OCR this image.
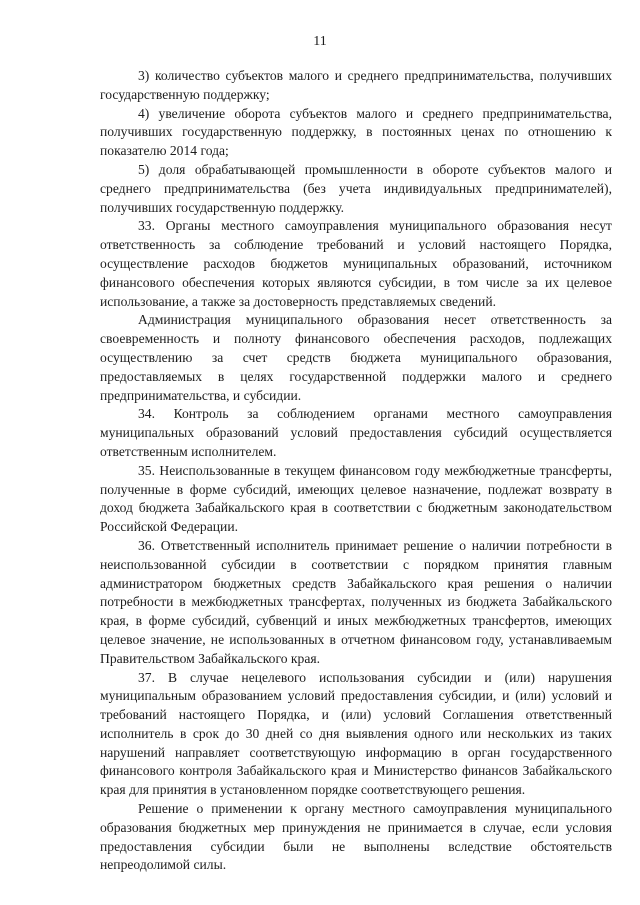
11

3) количество субъектов малого и среднего предпринимательства, получивших государственную поддержку;

4) увеличение оборота субъектов малого и среднего предпринимательства, получивших государственную поддержку, в постоянных ценах по отношению к показателю 2014 года;

5) доля обрабатывающей промышленности в обороте субъектов малого и среднего предпринимательства (без учета индивидуальных предпринимателей), получивших государственную поддержку.

33. Органы местного самоуправления муниципального образования несут ответственность за соблюдение требований и условий настоящего Порядка, осуществление расходов бюджетов муниципальных образований, источником финансового обеспечения которых являются субсидии, в том числе за их целевое использование, а также за достоверность представляемых сведений.

Администрация муниципального образования несет ответственность за своевременность и полноту финансового обеспечения расходов, подлежащих осуществлению за счет средств бюджета муниципального образования, предоставляемых в целях государственной поддержки малого и среднего предпринимательства, и субсидии.

34. Контроль за соблюдением органами местного самоуправления муниципальных образований условий предоставления субсидий осуществляется ответственным исполнителем.

35. Неиспользованные в текущем финансовом году межбюджетные трансферты, полученные в форме субсидий, имеющих целевое назначение, подлежат возврату в доход бюджета Забайкальского края в соответствии с бюджетным законодательством Российской Федерации.

36. Ответственный исполнитель принимает решение о наличии потребности в неиспользованной субсидии в соответствии с порядком принятия главным администратором бюджетных средств Забайкальского края решения о наличии потребности в межбюджетных трансфертах, полученных из бюджета Забайкальского края, в форме субсидий, субвенций и иных межбюджетных трансфертов, имеющих целевое значение, не использованных в отчетном финансовом году, устанавливаемым Правительством Забайкальского края.

37. В случае нецелевого использования субсидии и (или) нарушения муниципальным образованием условий предоставления субсидии, и (или) условий и требований настоящего Порядка, и (или) условий Соглашения ответственный исполнитель в срок до 30 дней со дня выявления одного или нескольких из таких нарушений направляет соответствующую информацию в орган государственного финансового контроля Забайкальского края и Министерство финансов Забайкальского края для принятия в установленном порядке соответствующего решения.

Решение о применении к органу местного самоуправления муниципального образования бюджетных мер принуждения не принимается в случае, если условия предоставления субсидии были не выполнены вследствие обстоятельств непреодолимой силы.
